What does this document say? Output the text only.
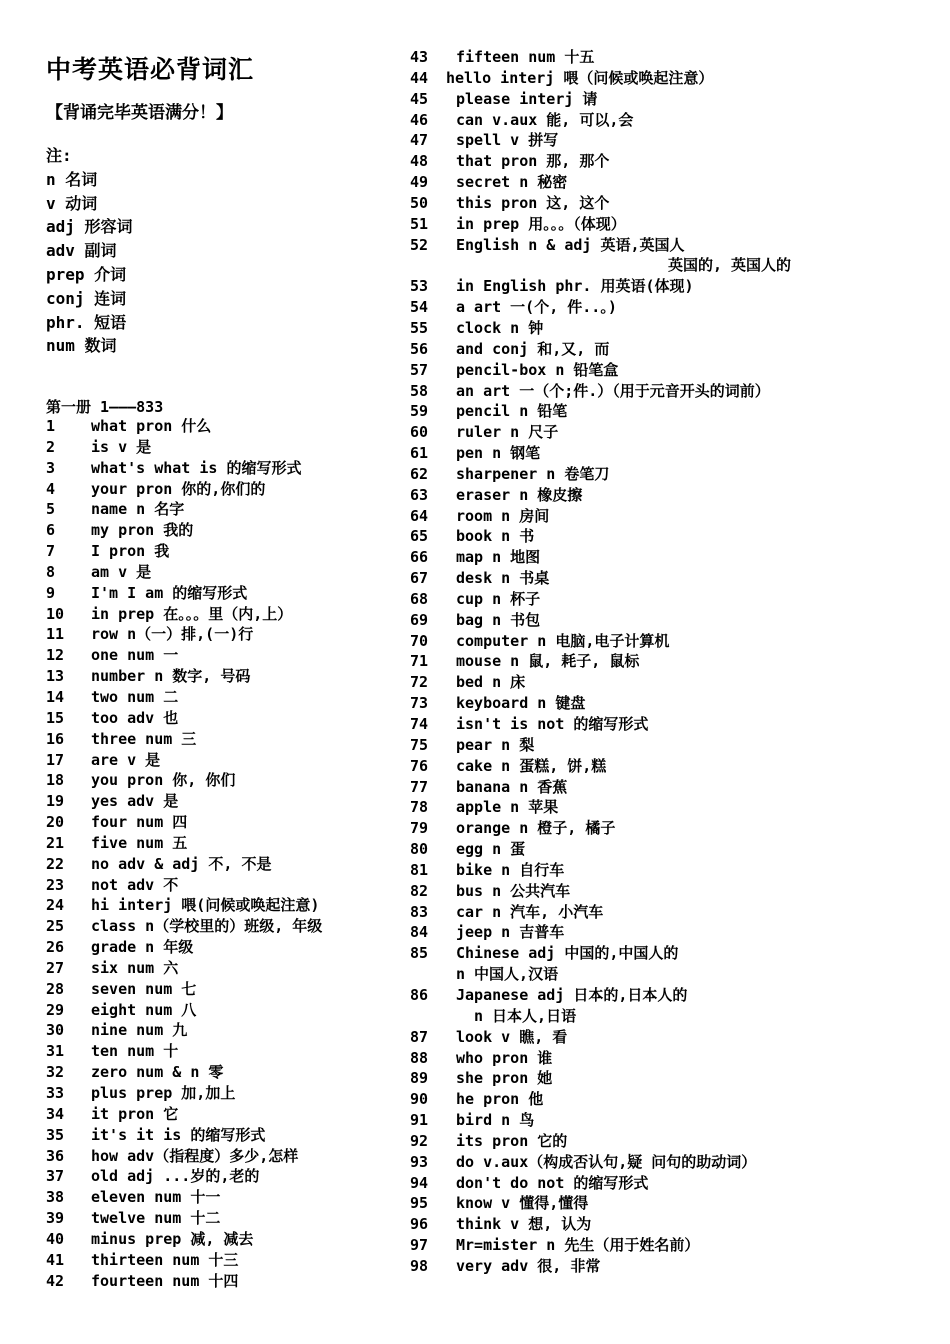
中考英语必背词汇
【背诵完毕英语满分！】
注:
n 名词
v 动词
adj 形容词
adv 副词
prep 介词
conj 连词
phr. 短语
num 数词
第一册 1———833
1 what pron 什么
2 is v 是
3 what's what is 的缩写形式
4 your pron 你的,你们的
5 name n 名字
6 my pron 我的
7 I pron 我
8 am v 是
9 I'm I am 的缩写形式
10 in prep 在。。。里（内,上）
11 row n（一）排,(一)行
12 one num 一
13 number n 数字, 号码
14 two num 二
15 too adv 也
16 three num 三
17 are v 是
18 you pron 你, 你们
19 yes adv 是
20 four num 四
21 five num 五
22 no adv & adj 不, 不是
23 not adv 不
24 hi interj 喂(问候或唤起注意)
25 class n（学校里的）班级, 年级
26 grade n 年级
27 six num 六
28 seven num 七
29 eight num 八
30 nine num 九
31 ten num 十
32 zero num & n 零
33 plus prep 加,加上
34 it pron 它
35 it's it is 的缩写形式
36 how adv（指程度）多少,怎样
37 old adj ...岁的,老的
38 eleven num 十一
39 twelve num 十二
40 minus prep 减, 减去
41 thirteen num 十三
42 fourteen num 十四
43 fifteen num 十五
44 hello interj 喂（问候或唤起注意）
45 please interj 请
46 can v.aux 能, 可以,会
47 spell v 拼写
48 that pron 那, 那个
49 secret n 秘密
50 this pron 这, 这个
51 in prep 用。。。（体现）
52 English n & adj 英语,英国人
英国的, 英国人的
53 in English phr. 用英语(体现)
54 a art 一(个, 件..。)
55 clock n 钟
56 and conj 和,又, 而
57 pencil-box n 铅笔盒
58 an art 一（个;件.）（用于元音开头的词前）
59 pencil n 铅笔
60 ruler n 尺子
61 pen n 钢笔
62 sharpener n 卷笔刀
63 eraser n 橡皮擦
64 room n 房间
65 book n 书
66 map n 地图
67 desk n 书桌
68 cup n 杯子
69 bag n 书包
70 computer n 电脑,电子计算机
71 mouse n 鼠, 耗子, 鼠标
72 bed n 床
73 keyboard n 键盘
74 isn't is not 的缩写形式
75 pear n 梨
76 cake n 蛋糕, 饼,糕
77 banana n 香蕉
78 apple n 苹果
79 orange n 橙子, 橘子
80 egg n 蛋
81 bike n 自行车
82 bus n 公共汽车
83 car n 汽车, 小汽车
84 jeep n 吉普车
85 Chinese adj 中国的,中国人的
n 中国人,汉语
86 Japanese adj 日本的,日本人的
n 日本人,日语
87 look v 瞧, 看
88 who pron 谁
89 she pron 她
90 he pron 他
91 bird n 鸟
92 its pron 它的
93 do v.aux（构成否认句,疑 问句的助动词）
94 don't do not 的缩写形式
95 know v 懂得,懂得
96 think v 想, 认为
97 Mr=mister n 先生（用于姓名前）
98 very adv 很, 非常
